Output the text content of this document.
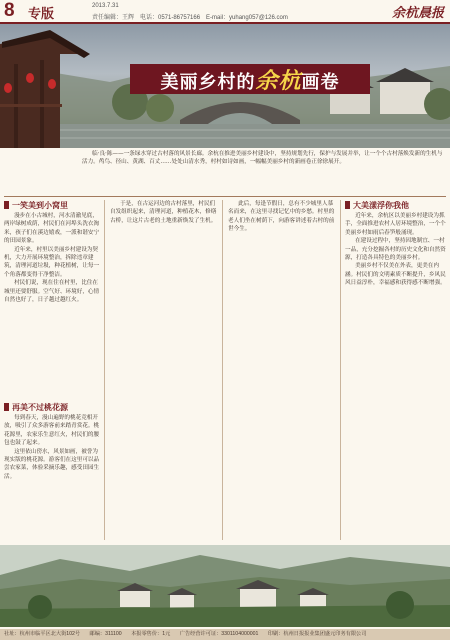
8 专版	2013.7.31
责任编辑：王辉　电话：0571-86757166　E-mail：yuhang057@126.com	余杭晨报
美丽乡村的余杭画卷

临·良·陈——一条绿水穿过古村落的风景长廊。余杭在推进美丽乡村建设中，坚持规划先行，保护与发展并举，让一个个古村落焕发新的生机与活力。鸬鸟、径山、黄湖、百丈……处处山清水秀，村村如诗如画，一幅幅美丽乡村的新画卷正徐徐展开。

一笑美到小窝里

漫步在小古城村，河水清澈见底，两岸绿树成荫，村民们在河埠头洗衣淘米，孩子们在溪边嬉戏，一派和谐安宁的田园景象。

近年来，村里以美丽乡村建设为契机，大力开展环境整治，拆除违章建筑，清理河道垃圾，种花植树，让每一个角落都变得干净整洁。

村民们说，现在住在村里，比住在城里还要舒服。空气好、环境好，心情自然也好了，日子越过越红火。

再美不过桃花源

每到春天，漫山遍野的桃花竞相开放，吸引了众多游客前来踏青赏花。桃花源里，农家乐生意红火，村民们的腰包也鼓了起来。

这里依山傍水，风景如画，被誉为现实版的桃花源。游客们在这里可以品尝农家菜，体验采摘乐趣，感受田园生活。

于是，在古运河边的古村落里，村民们自发组织起来，清理河道，种植花木，修缮古桥，让这片古老的土地重新焕发了生机。

此后，每逢节假日，总有不少城里人慕名而来，在这里寻找记忆中的乡愁。村里的老人们坐在树荫下，向游客讲述着古村的前世今生。

大美漾浮你我他

近年来，余杭区以美丽乡村建设为抓手，全面推进农村人居环境整治，一个个美丽乡村如雨后春笋般涌现。

在建设过程中，坚持因地制宜、一村一品，充分挖掘各村的历史文化和自然资源，打造各具特色的美丽乡村。

美丽乡村不仅美在外表，更美在内涵。村民们的文明素质不断提升，乡风民风日益淳朴，幸福感和获得感不断增强。

社址：杭州市临平区北大街102号 邮编：311100 本报零售价：1元 广告经营许可证：3301104000001 印刷：杭州日报报业集团盛元印务有限公司
